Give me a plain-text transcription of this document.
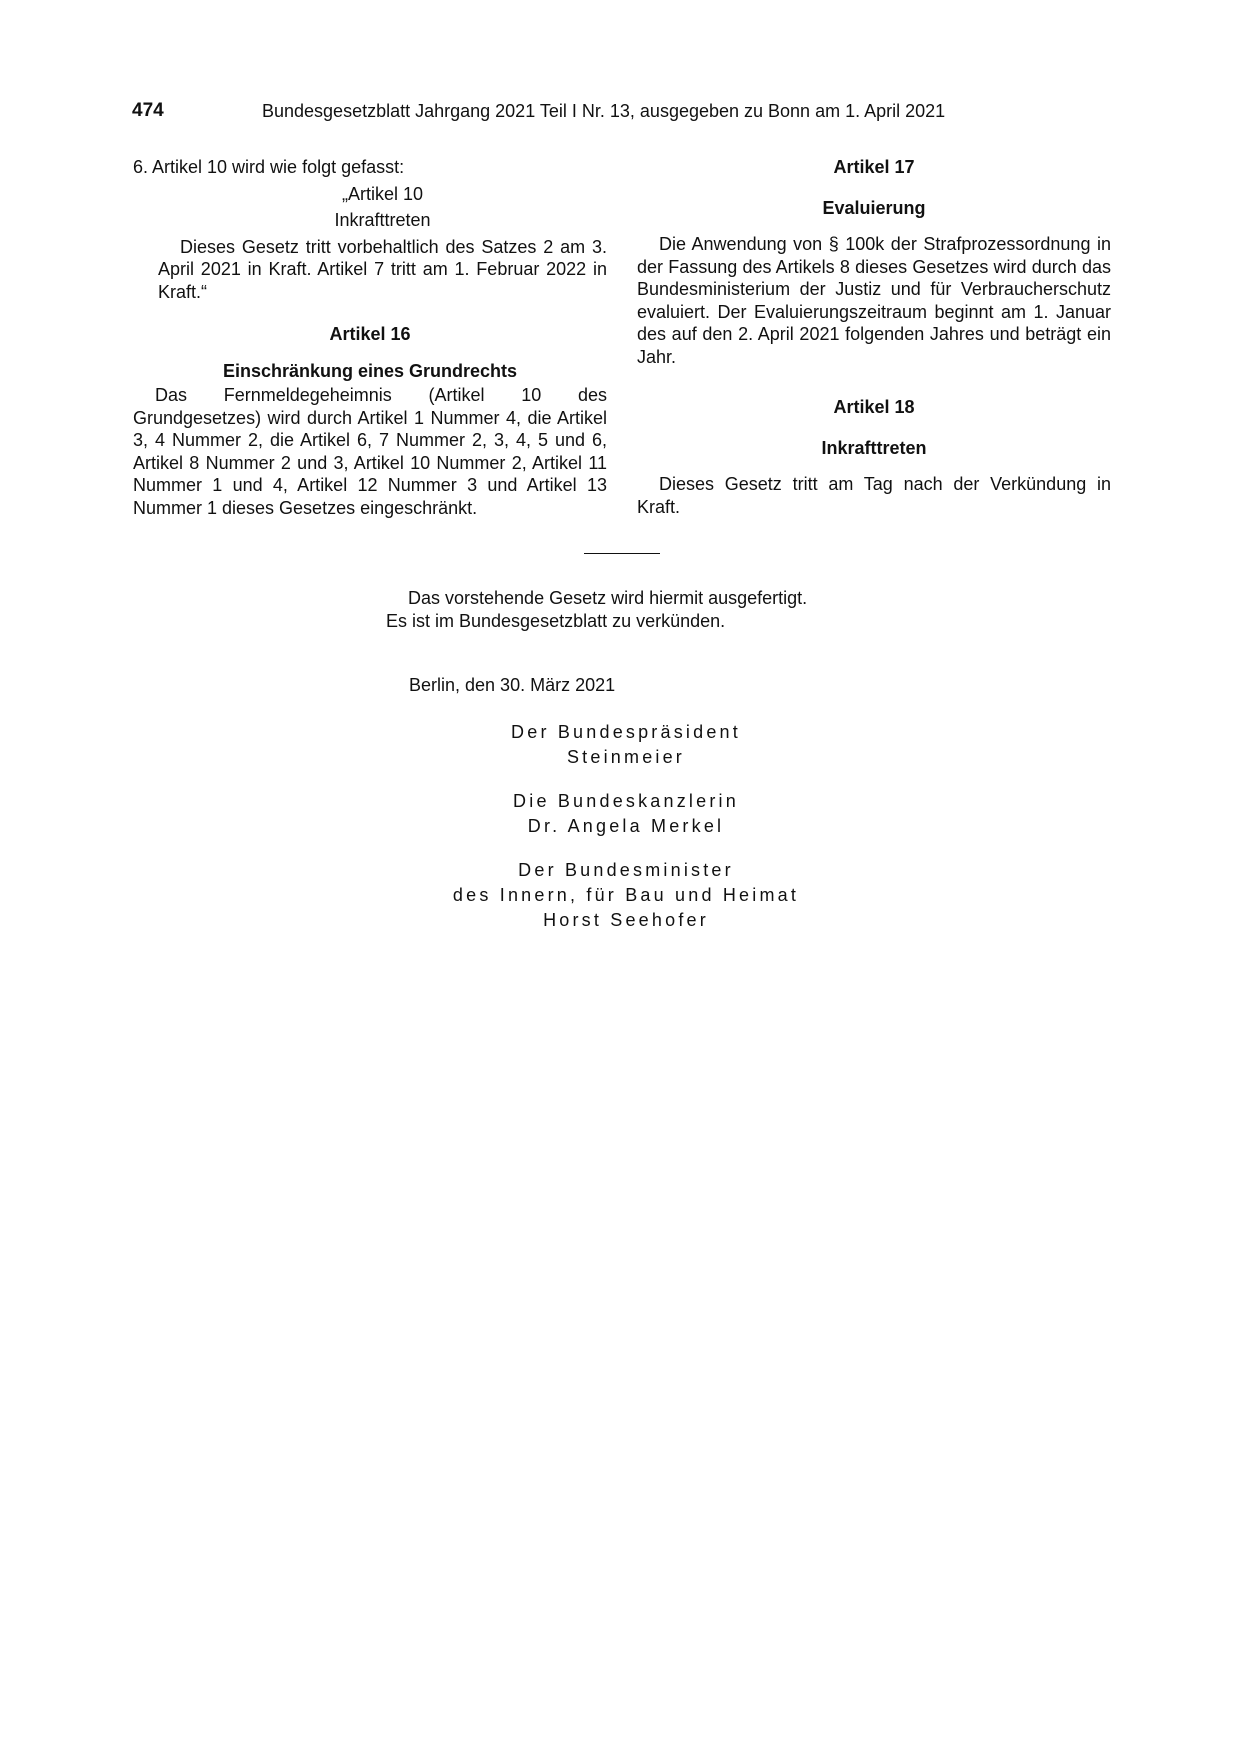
474	Bundesgesetzblatt Jahrgang 2021 Teil I Nr. 13, ausgegeben zu Bonn am 1. April 2021

6. Artikel 10 wird wie folgt gefasst:

„Artikel 10
Inkrafttreten

Dieses Gesetz tritt vorbehaltlich des Satzes 2 am 3. April 2021 in Kraft. Artikel 7 tritt am 1. Februar 2022 in Kraft.“

Artikel 16
Einschränkung eines Grundrechts

Das Fernmeldegeheimnis (Artikel 10 des Grundgesetzes) wird durch Artikel 1 Nummer 4, die Artikel 3, 4 Nummer 2, die Artikel 6, 7 Nummer 2, 3, 4, 5 und 6, Artikel 8 Nummer 2 und 3, Artikel 10 Nummer 2, Artikel 11 Nummer 1 und 4, Artikel 12 Nummer 3 und Artikel 13 Nummer 1 dieses Gesetzes eingeschränkt.

Artikel 17
Evaluierung

Die Anwendung von § 100k der Strafprozessordnung in der Fassung des Artikels 8 dieses Gesetzes wird durch das Bundesministerium der Justiz und für Verbraucherschutz evaluiert. Der Evaluierungszeitraum beginnt am 1. Januar des auf den 2. April 2021 folgenden Jahres und beträgt ein Jahr.

Artikel 18
Inkrafttreten

Dieses Gesetz tritt am Tag nach der Verkündung in Kraft.

Das vorstehende Gesetz wird hiermit ausgefertigt.
Es ist im Bundesgesetzblatt zu verkünden.
Berlin, den 30. März 2021
Der Bundespräsident
Steinmeier
Die Bundeskanzlerin
Dr. Angela Merkel
Der Bundesminister
des Innern, für Bau und Heimat
Horst Seehofer
